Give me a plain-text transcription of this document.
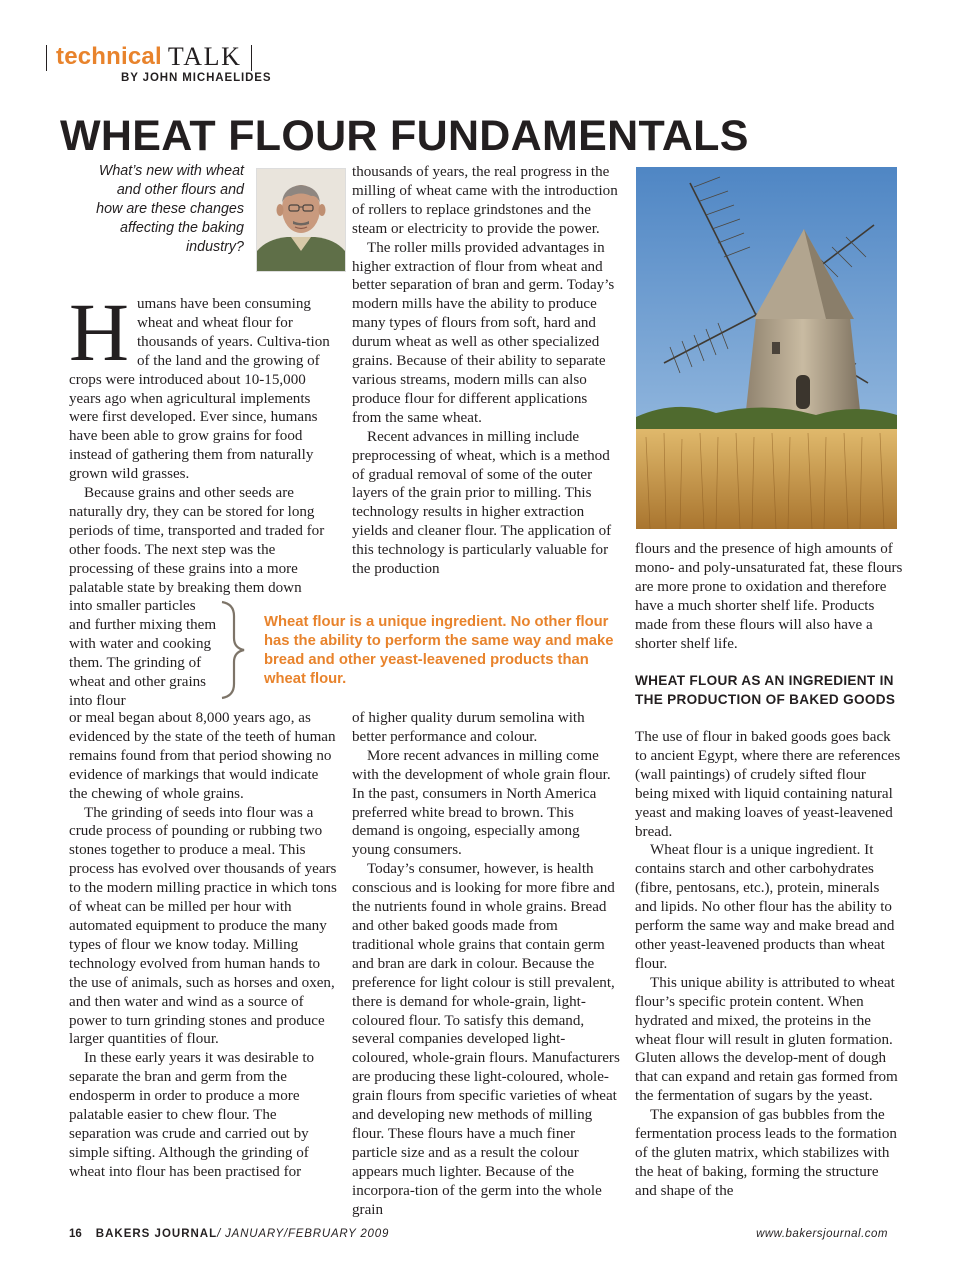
technical TALK
BY JOHN MICHAELIDES
WHEAT FLOUR FUNDAMENTALS
What’s new with wheat and other flours and how are these changes affecting the baking industry?

Humans have been consuming wheat and wheat flour for thousands of years. Cultiva-tion of the land and the growing of crops were introduced about 10-15,000 years ago when agricultural implements were first developed. Ever since, humans have been able to grow grains for food instead of gathering them from naturally grown wild grasses.

Because grains and other seeds are naturally dry, they can be stored for long periods of time, transported and traded for other foods. The next step was the processing of these grains into a more palatable state by breaking them down

into smaller particles and further mixing them with water and cooking them. The grinding of wheat and other grains into flour

or meal began about 8,000 years ago, as evidenced by the state of the teeth of human remains found from that period showing no evidence of markings that would indicate the chewing of whole grains.

The grinding of seeds into flour was a crude process of pounding or rubbing two stones together to produce a meal. This process has evolved over thousands of years to the modern milling practice in which tons of wheat can be milled per hour with automated equipment to produce the many types of flour we know today. Milling technology evolved from human hands to the use of animals, such as horses and oxen, and then water and wind as a source of power to turn grinding stones and produce larger quantities of flour.

In these early years it was desirable to separate the bran and germ from the endosperm in order to produce a more palatable easier to chew flour. The separation was crude and carried out by simple sifting. Although the grinding of wheat into flour has been practised for

Wheat flour is a unique ingredient. No other flour has the ability to perform the same way and make bread and other yeast-leavened products than wheat flour.

thousands of years, the real progress in the milling of wheat came with the introduction of rollers to replace grindstones and the steam or electricity to provide the power.

The roller mills provided advantages in higher extraction of flour from wheat and better separation of bran and germ. Today’s modern mills have the ability to produce many types of flours from soft, hard and durum wheat as well as other specialized grains. Because of their ability to separate various streams, modern mills can also produce flour for different applications from the same wheat.

Recent advances in milling include preprocessing of wheat, which is a method of gradual removal of some of the outer layers of the grain prior to milling. This technology results in higher extraction yields and cleaner flour. The application of this technology is particularly valuable for the production

of higher quality durum semolina with better performance and colour.

More recent advances in milling come with the development of whole grain flour. In the past, consumers in North America preferred white bread to brown. This demand is ongoing, especially among young consumers.

Today’s consumer, however, is health conscious and is looking for more fibre and the nutrients found in whole grains. Bread and other baked goods made from traditional whole grains that contain germ and bran are dark in colour. Because the preference for light colour is still prevalent, there is demand for whole-grain, light-coloured flour. To satisfy this demand, several companies developed light-coloured, whole-grain flours. Manufacturers are producing these light-coloured, whole-grain flours from specific varieties of wheat and developing new methods of milling flour. These flours have a much finer particle size and as a result the colour appears much lighter. Because of the incorpora-tion of the germ into the whole grain

flours and the presence of high amounts of mono- and poly-unsaturated fat, these flours are more prone to oxidation and therefore have a much shorter shelf life. Products made from these flours will also have a shorter shelf life.

WHEAT FLOUR AS AN INGREDIENT IN THE PRODUCTION OF BAKED GOODS

The use of flour in baked goods goes back to ancient Egypt, where there are references (wall paintings) of crudely sifted flour being mixed with liquid containing natural yeast and making loaves of yeast-leavened bread.

Wheat flour is a unique ingredient. It contains starch and other carbohydrates (fibre, pentosans, etc.), protein, minerals and lipids. No other flour has the ability to perform the same way and make bread and other yeast-leavened products than wheat flour.

This unique ability is attributed to wheat flour’s specific protein content. When hydrated and mixed, the proteins in the wheat flour will result in gluten formation. Gluten allows the develop-ment of dough that can expand and retain gas formed from the fermentation of sugars by the yeast.

The expansion of gas bubbles from the fermentation process leads to the formation of the gluten matrix, which stabilizes with the heat of baking, forming the structure and shape of the

16 BAKERS JOURNAL/ JANUARY/FEBRUARY 2009	www.bakersjournal.com
